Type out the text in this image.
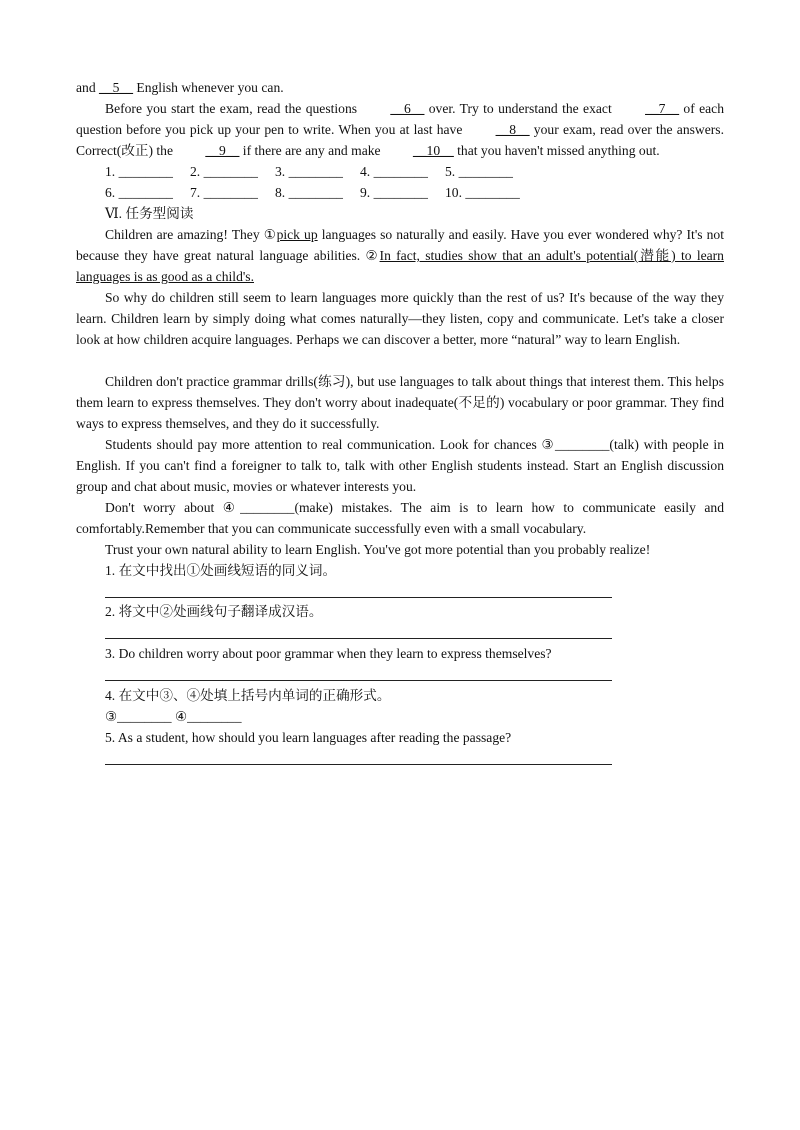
and __5__ English whenever you can.
Before you start the exam, read the questions __6__ over. Try to understand the exact __7__ of each question before you pick up your pen to write. When you at last have __8__ your exam, read over the answers. Correct(改正) the __9__ if there are any and make __10__ that you haven't missed anything out.
1. ________ 2. ________ 3. ________ 4. ________ 5. ________
6. ________ 7. ________ 8. ________ 9. ________ 10. ________
Ⅵ. 任务型阅读
Children are amazing! They ①pick up languages so naturally and easily. Have you ever wondered why? It's not because they have great natural language abilities. ②In fact, studies show that an adult's potential(潜能) to learn languages is as good as a child's.
So why do children still seem to learn languages more quickly than the rest of us? It's because of the way they learn. Children learn by simply doing what comes naturally—they listen, copy and communicate. Let's take a closer look at how children acquire languages. Perhaps we can discover a better, more “natural” way to learn English.
Children don't practice grammar drills(练习), but use languages to talk about things that interest them. This helps them learn to express themselves. They don't worry about inadequate(不足的) vocabulary or poor grammar. They find ways to express themselves, and they do it successfully.
Students should pay more attention to real communication. Look for chances ③________(talk) with people in English. If you can't find a foreigner to talk to, talk with other English students instead. Start an English discussion group and chat about music, movies or whatever interests you.
Don't worry about ④________(make) mistakes. The aim is to learn how to communicate easily and comfortably.Remember that you can communicate successfully even with a small vocabulary.
Trust your own natural ability to learn English. You've got more potential than you probably realize!
1. 在文中找出①处画线短语的同义词。
2. 将文中②处画线句子翻译成汉语。
3. Do children worry about poor grammar when they learn to express themselves?
4. 在文中③、④处填上括号内单词的正确形式。
③________ ④________
5. As a student, how should you learn languages after reading the passage?
